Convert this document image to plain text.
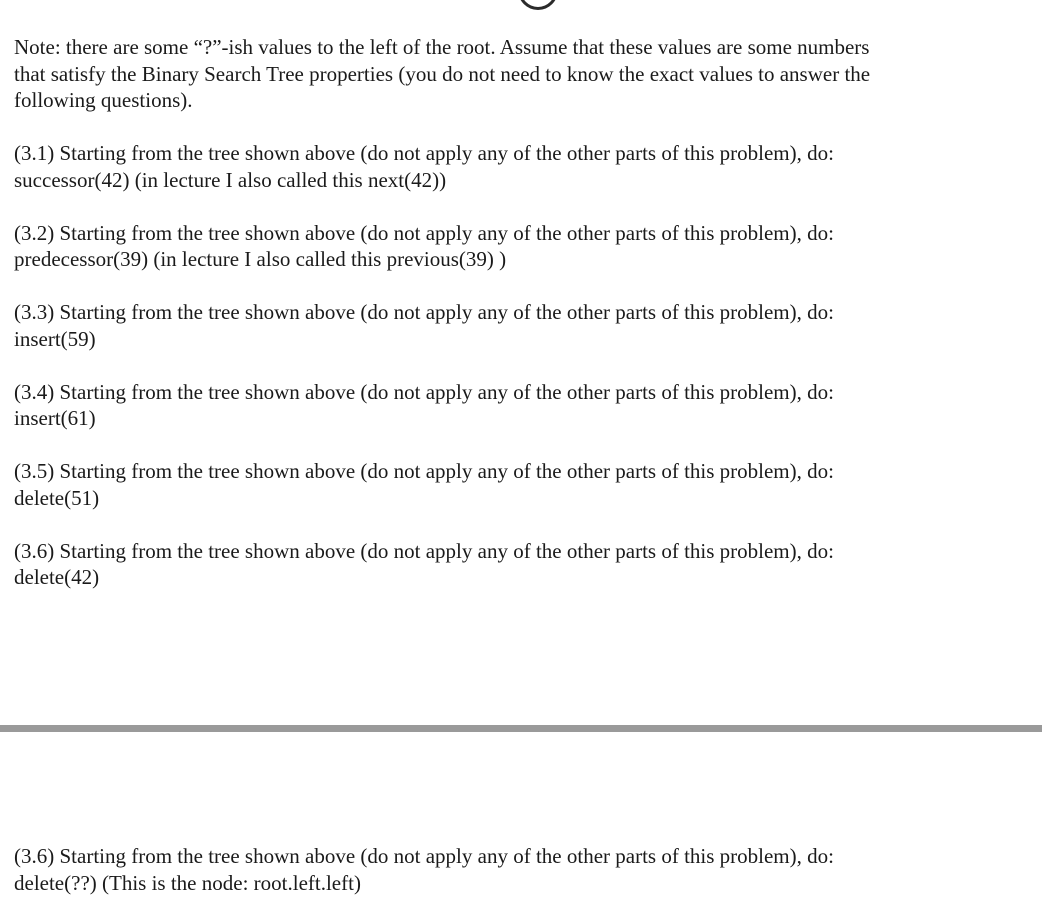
Note: there are some “?”-ish values to the left of the root. Assume that these values are some numbers
that satisfy the Binary Search Tree properties (you do not need to know the exact values to answer the
following questions).

(3.1) Starting from the tree shown above (do not apply any of the other parts of this problem), do:
successor(42) (in lecture I also called this next(42))

(3.2) Starting from the tree shown above (do not apply any of the other parts of this problem), do:
predecessor(39) (in lecture I also called this previous(39) )

(3.3) Starting from the tree shown above (do not apply any of the other parts of this problem), do:
insert(59)

(3.4) Starting from the tree shown above (do not apply any of the other parts of this problem), do:
insert(61)

(3.5) Starting from the tree shown above (do not apply any of the other parts of this problem), do:
delete(51)

(3.6) Starting from the tree shown above (do not apply any of the other parts of this problem), do:
delete(42)

(3.6) Starting from the tree shown above (do not apply any of the other parts of this problem), do:
delete(??) (This is the node: root.left.left)
